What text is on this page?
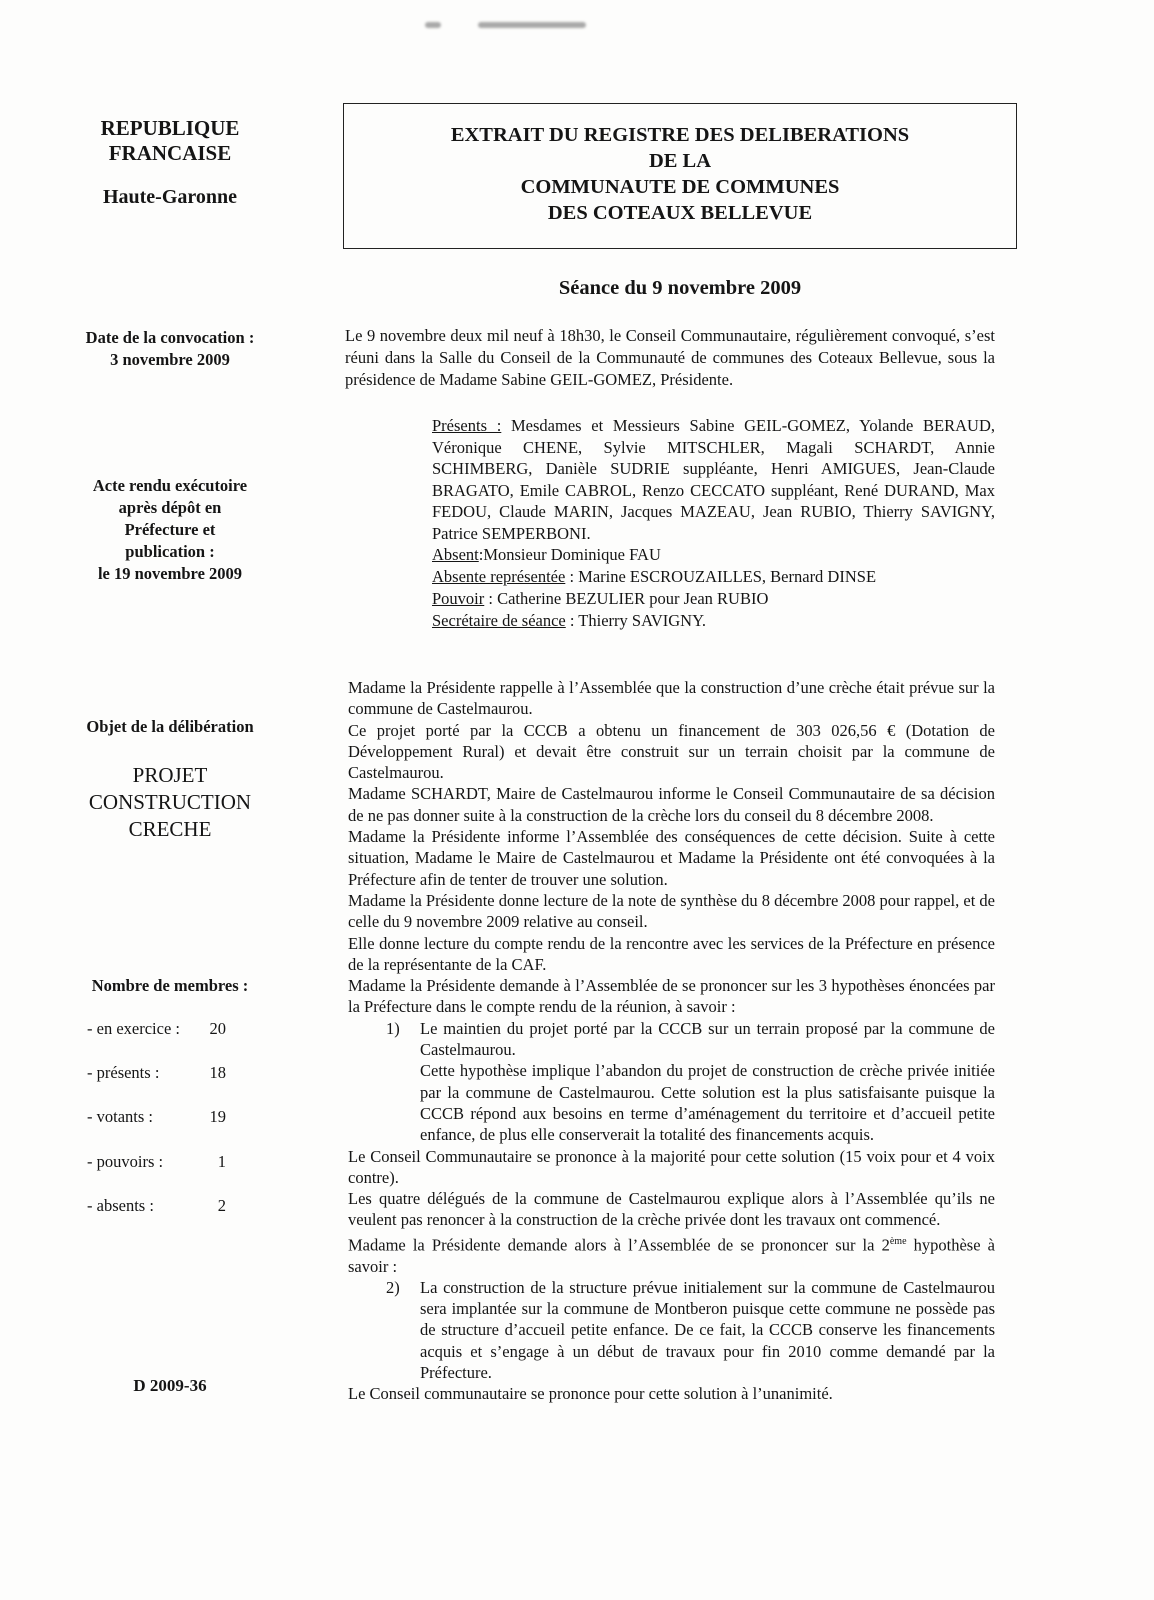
REPUBLIQUE
FRANCAISE
Haute-Garonne
EXTRAIT DU REGISTRE DES DELIBERATIONS
DE LA
COMMUNAUTE DE COMMUNES
DES COTEAUX BELLEVUE
Séance du 9 novembre 2009
Date de la convocation :
3 novembre 2009
Acte rendu exécutoire
après dépôt en
Préfecture et
publication :
le 19 novembre 2009
Objet de la délibération
PROJET
CONSTRUCTION
CRECHE
Nombre de membres :
- en exercice : 20
- présents :	18
- votants :	19
- pouvoirs :	1
- absents :	2
D 2009-36
Le 9 novembre deux mil neuf à 18h30, le Conseil Communautaire, régulièrement convoqué, s’est réuni dans la Salle du Conseil de la Communauté de communes des Coteaux Bellevue, sous la présidence de Madame Sabine GEIL-GOMEZ, Présidente.
Présents : Mesdames et Messieurs Sabine GEIL-GOMEZ, Yolande BERAUD, Véronique CHENE, Sylvie MITSCHLER, Magali SCHARDT, Annie SCHIMBERG, Danièle SUDRIE suppléante, Henri AMIGUES, Jean-Claude BRAGATO, Emile CABROL, Renzo CECCATO suppléant, René DURAND, Max FEDOU, Claude MARIN, Jacques MAZEAU, Jean RUBIO, Thierry SAVIGNY, Patrice SEMPERBONI.
Absent:Monsieur Dominique FAU
Absente représentée : Marine ESCROUZAILLES, Bernard DINSE
Pouvoir : Catherine BEZULIER pour Jean RUBIO
Secrétaire de séance : Thierry SAVIGNY.
Madame la Présidente rappelle à l’Assemblée que la construction d’une crèche était prévue sur la commune de Castelmaurou.
Ce projet porté par la CCCB a obtenu un financement de 303 026,56 € (Dotation de Développement Rural) et devait être construit sur un terrain choisit par la commune de Castelmaurou.
Madame SCHARDT, Maire de Castelmaurou informe le Conseil Communautaire de sa décision de ne pas donner suite à la construction de la crèche lors du conseil du 8 décembre 2008.
Madame la Présidente informe l’Assemblée des conséquences de cette décision. Suite à cette situation, Madame le Maire de Castelmaurou et Madame la Présidente ont été convoquées à la Préfecture afin de tenter de trouver une solution.
Madame la Présidente donne lecture de la note de synthèse du 8 décembre 2008 pour rappel, et de celle du 9 novembre 2009 relative au conseil.
Elle donne lecture du compte rendu de la rencontre avec les services de la Préfecture en présence de la représentante de la CAF.
Madame la Présidente demande à l’Assemblée de se prononcer sur les 3 hypothèses énoncées par la Préfecture dans le compte rendu de la réunion, à savoir :
1)	Le maintien du projet porté par la CCCB sur un terrain proposé par la commune de Castelmaurou.
Cette hypothèse implique l’abandon du projet de construction de crèche privée initiée par la commune de Castelmaurou. Cette solution est la plus satisfaisante puisque la CCCB répond aux besoins en terme d’aménagement du territoire et d’accueil petite enfance, de plus elle conserverait la totalité des financements acquis.
Le Conseil Communautaire se prononce à la majorité pour cette solution (15 voix pour et 4 voix contre).
Les quatre délégués de la commune de Castelmaurou explique alors à l’Assemblée qu’ils ne veulent pas renoncer à la construction de la crèche privée dont les travaux ont commencé.
Madame la Présidente demande alors à l’Assemblée de se prononcer sur la 2ème hypothèse à savoir :
2)	La construction de la structure prévue initialement sur la commune de Castelmaurou sera implantée sur la commune de Montberon puisque cette commune ne possède pas de structure d’accueil petite enfance. De ce fait, la CCCB conserve les financements acquis et s’engage à un début de travaux pour fin 2010 comme demandé par la Préfecture.
Le Conseil communautaire se prononce pour cette solution à l’unanimité.
